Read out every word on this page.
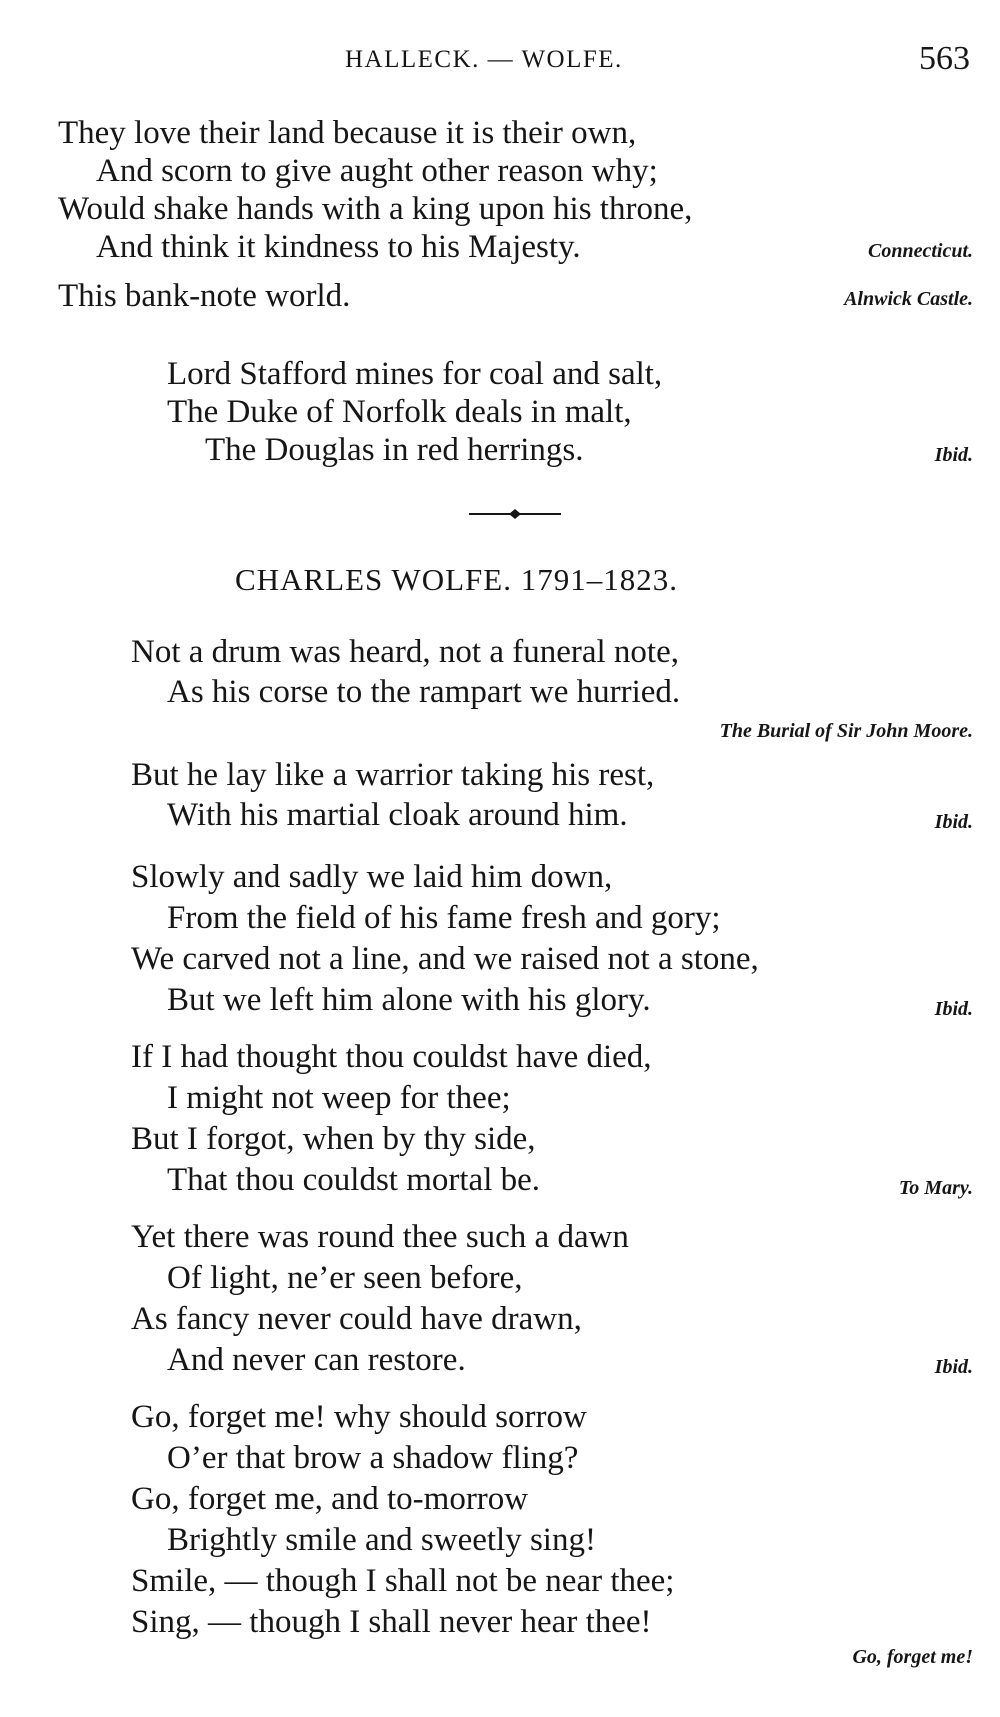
HALLECK. — WOLFE.	563
They love their land because it is their own,
And scorn to give aught other reason why;
Would shake hands with a king upon his throne,
And think it kindness to his Majesty.	Connecticut.
This bank-note world.	Alnwick Castle.
Lord Stafford mines for coal and salt,
The Duke of Norfolk deals in malt,
The Douglas in red herrings.	Ibid.
CHARLES WOLFE. 1791–1823.
Not a drum was heard, not a funeral note,
As his corse to the rampart we hurried.
The Burial of Sir John Moore.
But he lay like a warrior taking his rest,
With his martial cloak around him.	Ibid.
Slowly and sadly we laid him down,
From the field of his fame fresh and gory;
We carved not a line, and we raised not a stone,
But we left him alone with his glory.	Ibid.
If I had thought thou couldst have died,
I might not weep for thee;
But I forgot, when by thy side,
That thou couldst mortal be.	To Mary.
Yet there was round thee such a dawn
Of light, ne’er seen before,
As fancy never could have drawn,
And never can restore.	Ibid.
Go, forget me! why should sorrow
O’er that brow a shadow fling?
Go, forget me, and to-morrow
Brightly smile and sweetly sing!
Smile, — though I shall not be near thee;
Sing, — though I shall never hear thee!
Go, forget me!
